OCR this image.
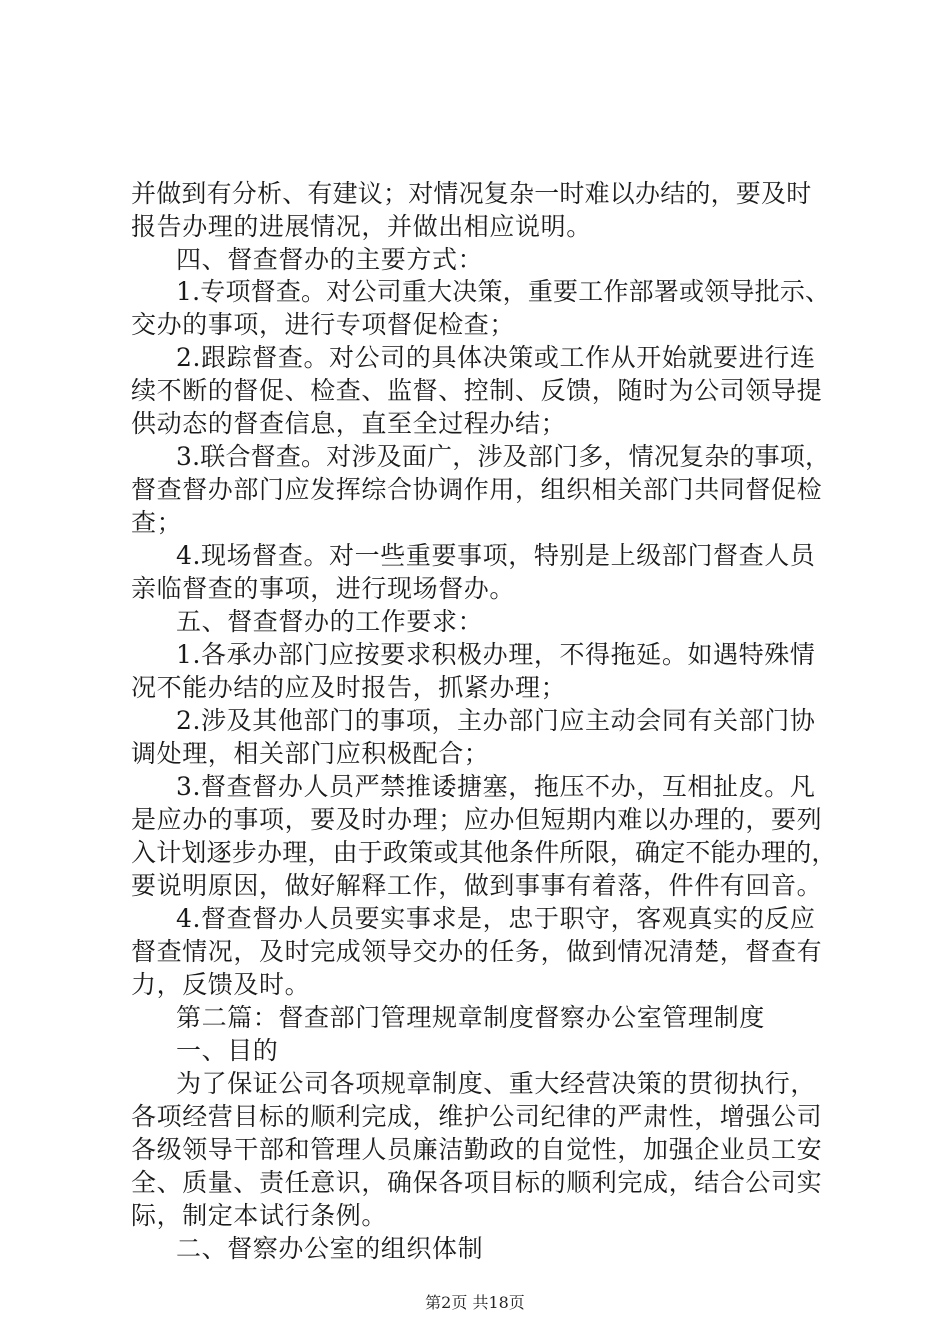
并做到有分析、有建议；对情况复杂一时难以办结的，要及时
报告办理的进展情况，并做出相应说明。
四、督查督办的主要方式：
1.专项督查。对公司重大决策，重要工作部署或领导批示、
交办的事项，进行专项督促检查；
2.跟踪督查。对公司的具体决策或工作从开始就要进行连
续不断的督促、检查、监督、控制、反馈，随时为公司领导提
供动态的督查信息，直至全过程办结；
3.联合督查。对涉及面广，涉及部门多，情况复杂的事项，
督查督办部门应发挥综合协调作用，组织相关部门共同督促检
查；
4.现场督查。对一些重要事项，特别是上级部门督查人员
亲临督查的事项，进行现场督办。
五、督查督办的工作要求：
1.各承办部门应按要求积极办理，不得拖延。如遇特殊情
况不能办结的应及时报告，抓紧办理；
2.涉及其他部门的事项，主办部门应主动会同有关部门协
调处理，相关部门应积极配合；
3.督查督办人员严禁推诿搪塞，拖压不办，互相扯皮。凡
是应办的事项，要及时办理；应办但短期内难以办理的，要列
入计划逐步办理，由于政策或其他条件所限，确定不能办理的，
要说明原因，做好解释工作，做到事事有着落，件件有回音。
4.督查督办人员要实事求是，忠于职守，客观真实的反应
督查情况，及时完成领导交办的任务，做到情况清楚，督查有
力，反馈及时。
第二篇：督查部门管理规章制度督察办公室管理制度
一、目的
为了保证公司各项规章制度、重大经营决策的贯彻执行，
各项经营目标的顺利完成，维护公司纪律的严肃性，增强公司
各级领导干部和管理人员廉洁勤政的自觉性，加强企业员工安
全、质量、责任意识，确保各项目标的顺利完成，结合公司实
际，制定本试行条例。
二、督察办公室的组织体制
第2页 共18页
